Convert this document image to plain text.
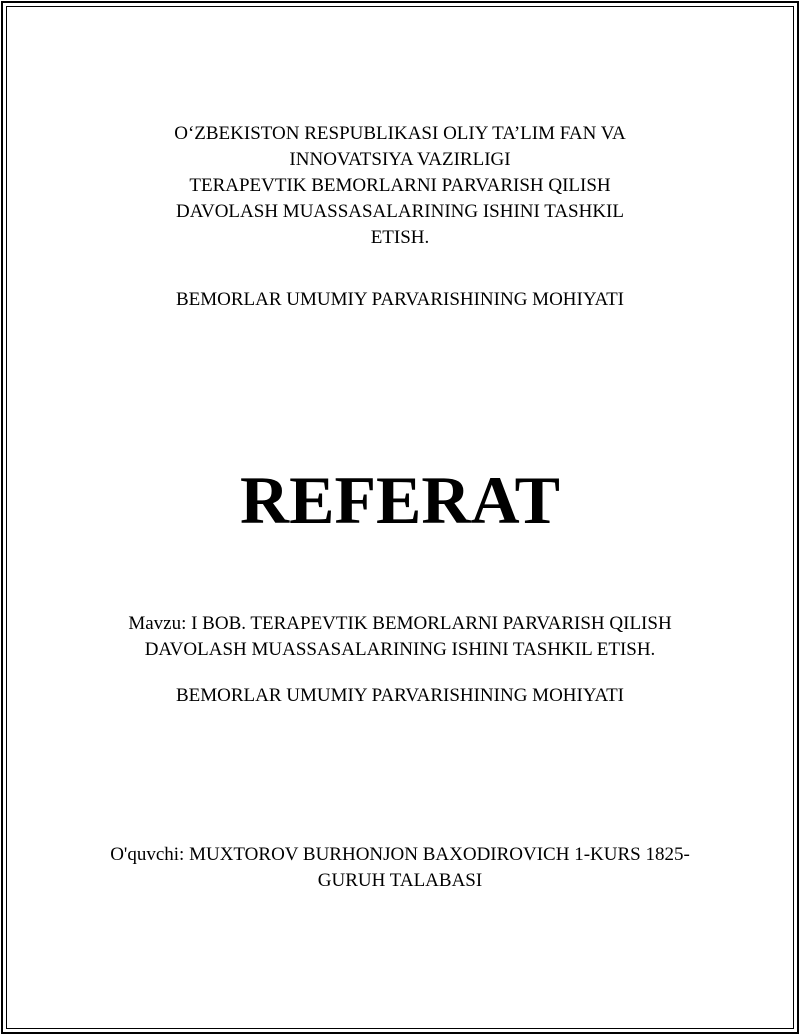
O‘ZBEKISTON RESPUBLIKASI OLIY TA’LIM FAN VA
INNOVATSIYA VAZIRLIGI
TERAPEVTIK BEMORLARNI PARVARISH QILISH
DAVOLASH MUASSASALARINING ISHINI TASHKIL
ETISH.
BEMORLAR UMUMIY PARVARISHINING MOHIYATI
REFERAT
Mavzu: I BOB. TERAPEVTIK BEMORLARNI PARVARISH QILISH
DAVOLASH MUASSASALARINING ISHINI TASHKIL ETISH.
BEMORLAR UMUMIY PARVARISHINING MOHIYATI
O'quvchi: MUXTOROV BURHONJON BAXODIROVICH 1-KURS 1825-
GURUH TALABASI
